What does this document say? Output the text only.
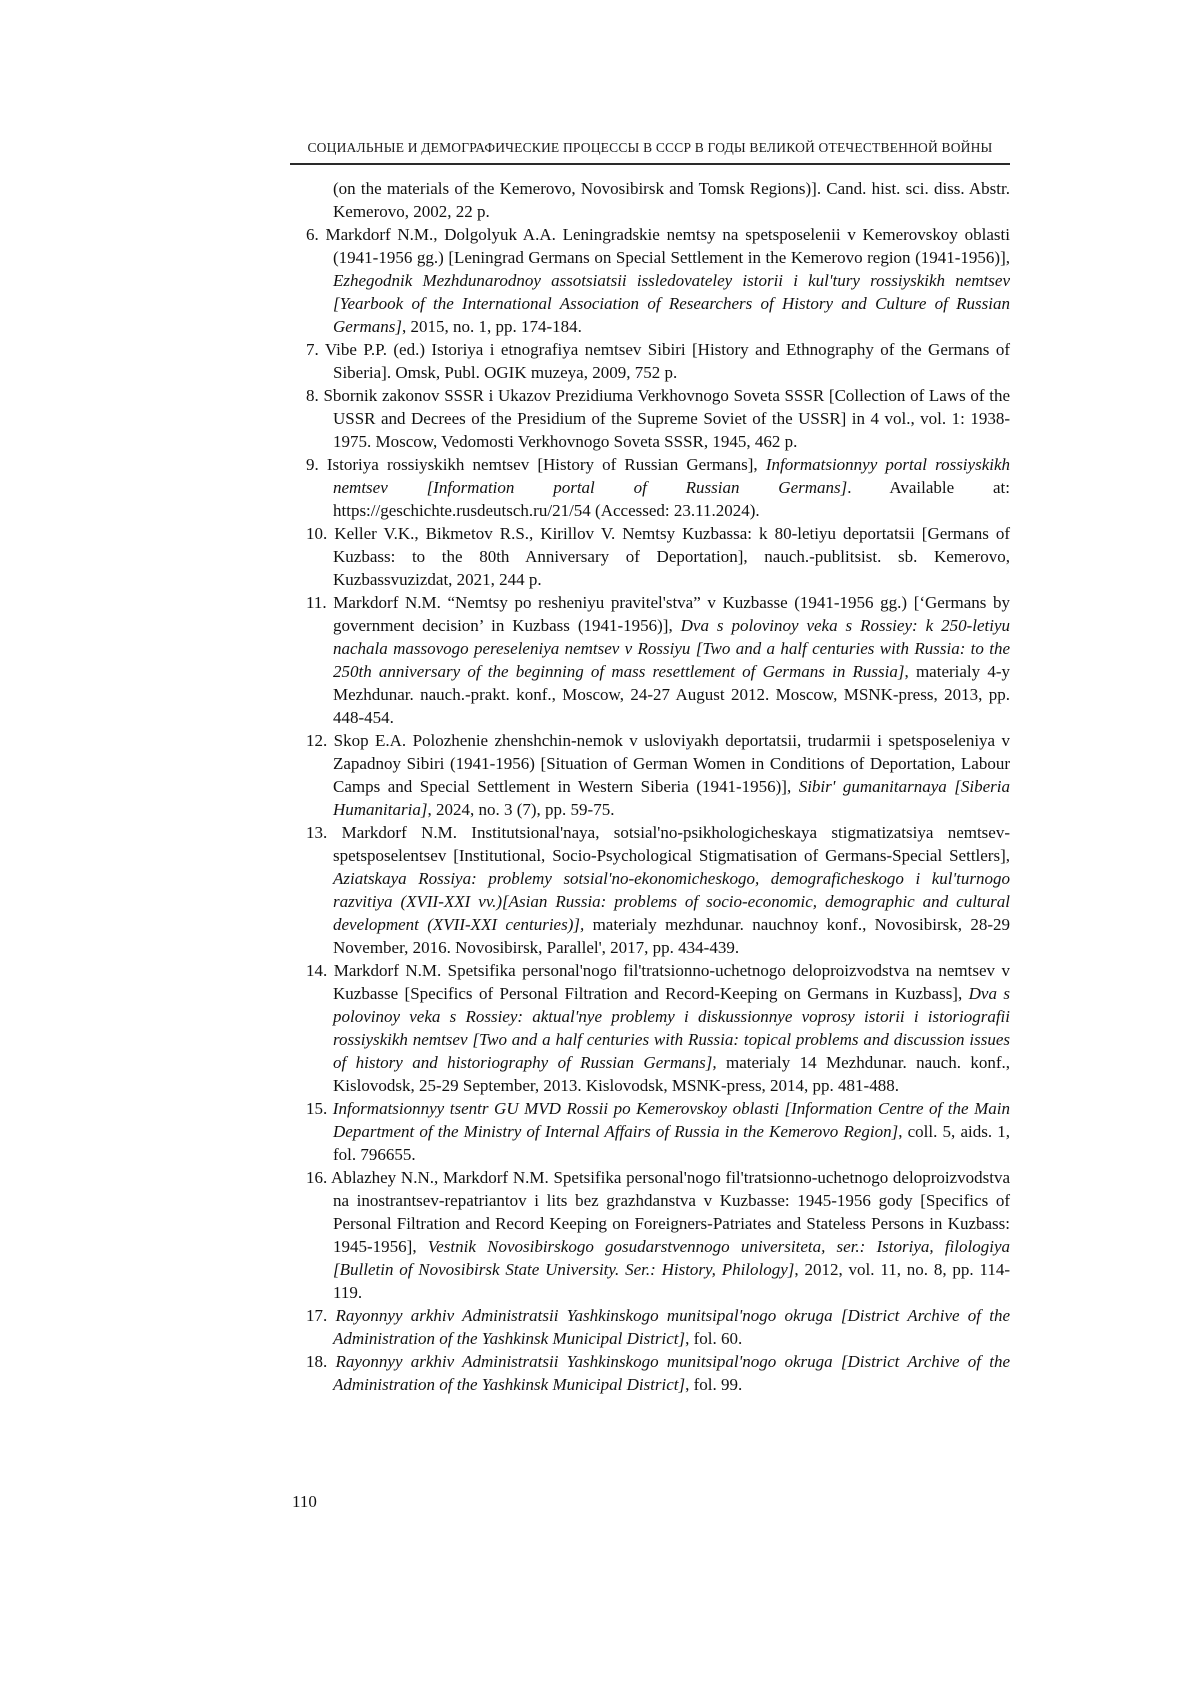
СОЦИАЛЬНЫЕ И ДЕМОГРАФИЧЕСКИЕ ПРОЦЕССЫ В СССР В ГОДЫ ВЕЛИКОЙ ОТЕЧЕСТВЕННОЙ ВОЙНЫ

(on the materials of the Kemerovo, Novosibirsk and Tomsk Regions)]. Cand. hist. sci. diss. Abstr. Kemerovo, 2002, 22 p.

6. Markdorf N.M., Dolgolyuk A.A. Leningradskie nemtsy na spetsposelenii v Kemerovskoy oblasti (1941-1956 gg.) [Leningrad Germans on Special Settlement in the Kemerovo region (1941-1956)], Ezhegodnik Mezhdunarodnoy assotsiatsii issledovateley istorii i kul'tury rossiyskikh nemtsev [Yearbook of the International Association of Researchers of History and Culture of Russian Germans], 2015, no. 1, pp. 174-184.
7. Vibe P.P. (ed.) Istoriya i etnografiya nemtsev Sibiri [History and Ethnography of the Germans of Siberia]. Omsk, Publ. OGIK muzeya, 2009, 752 p.
8. Sbornik zakonov SSSR i Ukazov Prezidiuma Verkhovnogo Soveta SSSR [Collection of Laws of the USSR and Decrees of the Presidium of the Supreme Soviet of the USSR] in 4 vol., vol. 1: 1938-1975. Moscow, Vedomosti Verkhovnogo Soveta SSSR, 1945, 462 p.
9. Istoriya rossiyskikh nemtsev [History of Russian Germans], Informatsionnyy portal rossiyskikh nemtsev [Information portal of Russian Germans]. Available at: https://geschichte.rusdeutsch.ru/21/54 (Accessed: 23.11.2024).
10. Keller V.K., Bikmetov R.S., Kirillov V. Nemtsy Kuzbassa: k 80-letiyu deportatsii [Germans of Kuzbass: to the 80th Anniversary of Deportation], nauch.-publitsist. sb. Kemerovo, Kuzbassvuzizdat, 2021, 244 p.
11. Markdorf N.M. “Nemtsy po resheniyu pravitel'stva” v Kuzbasse (1941-1956 gg.) [‘Germans by government decision’ in Kuzbass (1941-1956)], Dva s polovinoy veka s Rossiey: k 250-letiyu nachala massovogo pereseleniya nemtsev v Rossiyu [Two and a half centuries with Russia: to the 250th anniversary of the beginning of mass resettlement of Germans in Russia], materialy 4-y Mezhdunar. nauch.-prakt. konf., Moscow, 24-27 August 2012. Moscow, MSNK-press, 2013, pp. 448-454.
12. Skop E.A. Polozhenie zhenshchin-nemok v usloviyakh deportatsii, trudarmii i spetsposeleniya v Zapadnoy Sibiri (1941-1956) [Situation of German Women in Conditions of Deportation, Labour Camps and Special Settlement in Western Siberia (1941-1956)], Sibir' gumanitarnaya [Siberia Humanitaria], 2024, no. 3 (7), pp. 59-75.
13. Markdorf N.M. Institutsional'naya, sotsial'no-psikhologicheskaya stigmatizatsiya nemtsev-spetsposelentsev [Institutional, Socio-Psychological Stigmatisation of Germans-Special Settlers], Aziatskaya Rossiya: problemy sotsial'no-ekonomicheskogo, demograficheskogo i kul'turnogo razvitiya (XVII-XXI vv.)[Asian Russia: problems of socio-economic, demographic and cultural development (XVII-XXI centuries)], materialy mezhdunar. nauchnoy konf., Novosibirsk, 28-29 November, 2016. Novosibirsk, Parallel', 2017, pp. 434-439.
14. Markdorf N.M. Spetsifika personal'nogo fil'tratsionno-uchetnogo deloproizvodstva na nemtsev v Kuzbasse [Specifics of Personal Filtration and Record-Keeping on Germans in Kuzbass], Dva s polovinoy veka s Rossiey: aktual'nye problemy i diskussionnye voprosy istorii i istoriografii rossiyskikh nemtsev [Two and a half centuries with Russia: topical problems and discussion issues of history and historiography of Russian Germans], materialy 14 Mezhdunar. nauch. konf., Kislovodsk, 25-29 September, 2013. Kislovodsk, MSNK-press, 2014, pp. 481-488.
15. Informatsionnyy tsentr GU MVD Rossii po Kemerovskoy oblasti [Information Centre of the Main Department of the Ministry of Internal Affairs of Russia in the Kemerovo Region], coll. 5, aids. 1, fol. 796655.
16. Ablazhey N.N., Markdorf N.M. Spetsifika personal'nogo fil'tratsionno-uchetnogo deloproizvodstva na inostrantsev-repatriantov i lits bez grazhdanstva v Kuzbasse: 1945-1956 gody [Specifics of Personal Filtration and Record Keeping on Foreigners-Patriates and Stateless Persons in Kuzbass: 1945-1956], Vestnik Novosibirskogo gosudarstvennogo universiteta, ser.: Istoriya, filologiya [Bulletin of Novosibirsk State University. Ser.: History, Philology], 2012, vol. 11, no. 8, pp. 114-119.
17. Rayonnyy arkhiv Administratsii Yashkinskogo munitsipal'nogo okruga [District Archive of the Administration of the Yashkinsk Municipal District], fol. 60.
18. Rayonnyy arkhiv Administratsii Yashkinskogo munitsipal'nogo okruga [District Archive of the Administration of the Yashkinsk Municipal District], fol. 99.
110
